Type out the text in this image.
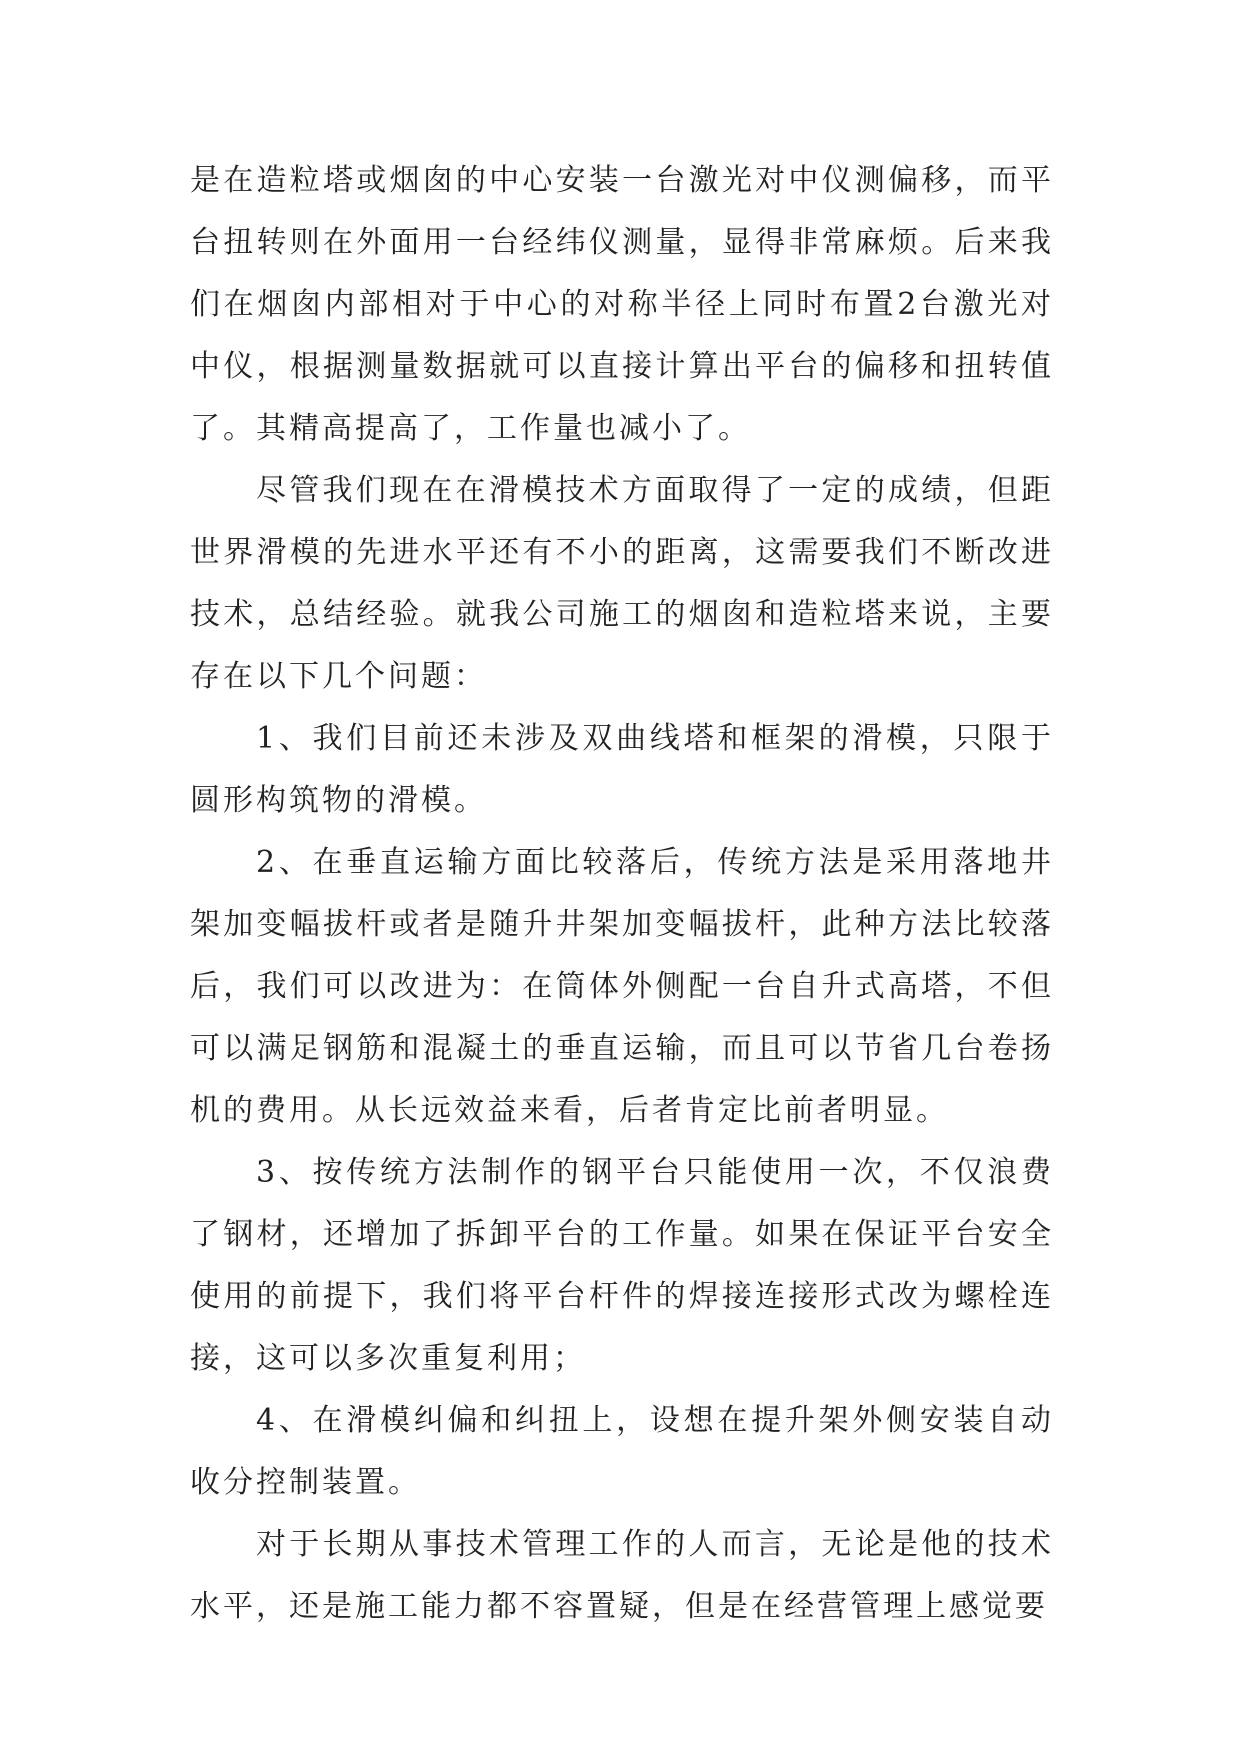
是在造粒塔或烟囱的中心安装一台激光对中仪测偏移，而平台扭转则在外面用一台经纬仪测量，显得非常麻烦。后来我们在烟囱内部相对于中心的对称半径上同时布置2台激光对中仪，根据测量数据就可以直接计算出平台的偏移和扭转值了。其精高提高了，工作量也减小了。

尽管我们现在在滑模技术方面取得了一定的成绩，但距世界滑模的先进水平还有不小的距离，这需要我们不断改进技术，总结经验。就我公司施工的烟囱和造粒塔来说，主要存在以下几个问题：

1、我们目前还未涉及双曲线塔和框架的滑模，只限于圆形构筑物的滑模。

2、在垂直运输方面比较落后，传统方法是采用落地井架加变幅拔杆或者是随升井架加变幅拔杆，此种方法比较落后，我们可以改进为：在筒体外侧配一台自升式高塔，不但可以满足钢筋和混凝土的垂直运输，而且可以节省几台卷扬机的费用。从长远效益来看，后者肯定比前者明显。

3、按传统方法制作的钢平台只能使用一次，不仅浪费了钢材，还增加了拆卸平台的工作量。如果在保证平台安全使用的前提下，我们将平台杆件的焊接连接形式改为螺栓连接，这可以多次重复利用；

4、在滑模纠偏和纠扭上，设想在提升架外侧安装自动收分控制装置。

对于长期从事技术管理工作的人而言，无论是他的技术水平，还是施工能力都不容置疑，但是在经营管理上感觉要
